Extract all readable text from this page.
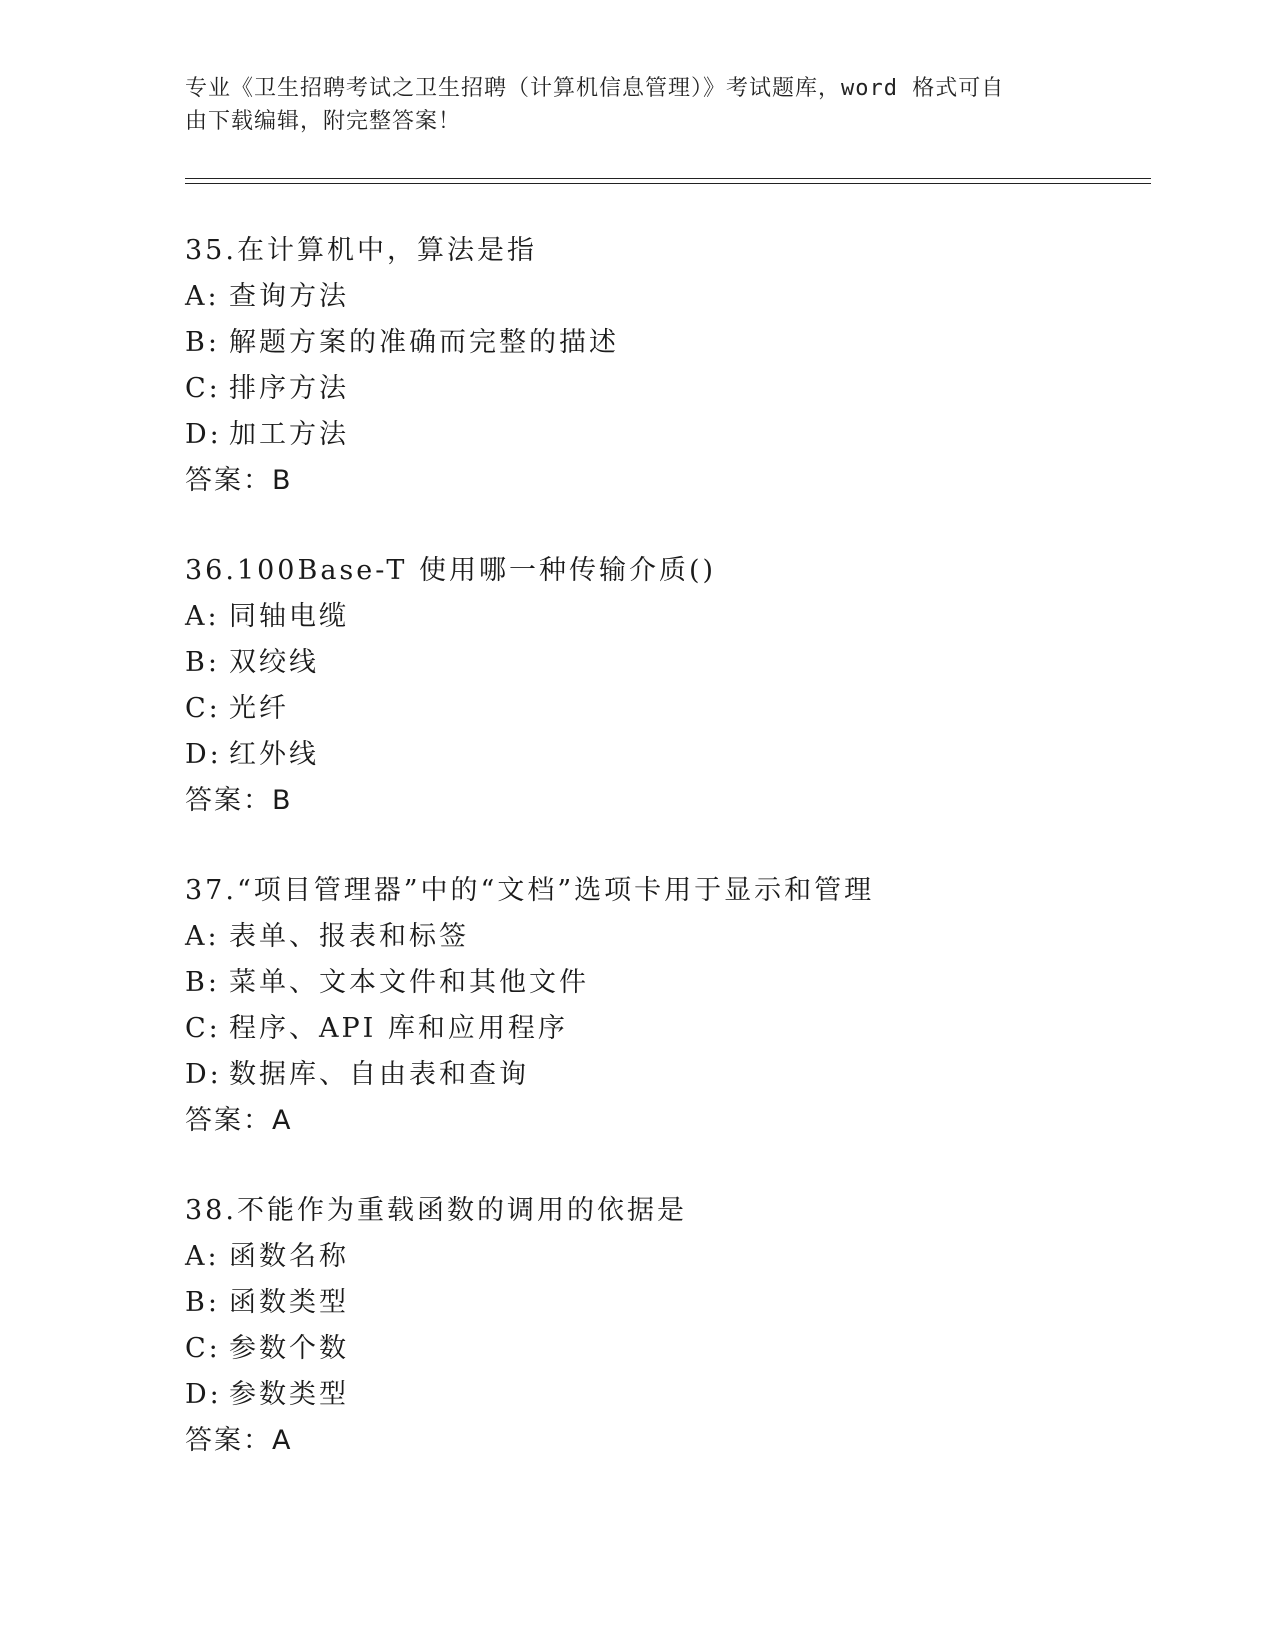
专业《卫生招聘考试之卫生招聘（计算机信息管理）》考试题库，word 格式可自
由下载编辑，附完整答案！
35.在计算机中，算法是指
A: 查询方法
B: 解题方案的准确而完整的描述
C: 排序方法
D: 加工方法
答案：B
36.100Base-T 使用哪一种传输介质()
A: 同轴电缆
B: 双绞线
C: 光纤
D: 红外线
答案：B
37.“项目管理器”中的“文档”选项卡用于显示和管理
A: 表单、报表和标签
B: 菜单、文本文件和其他文件
C: 程序、API 库和应用程序
D: 数据库、自由表和查询
答案：A
38.不能作为重载函数的调用的依据是
A: 函数名称
B: 函数类型
C: 参数个数
D: 参数类型
答案：A
